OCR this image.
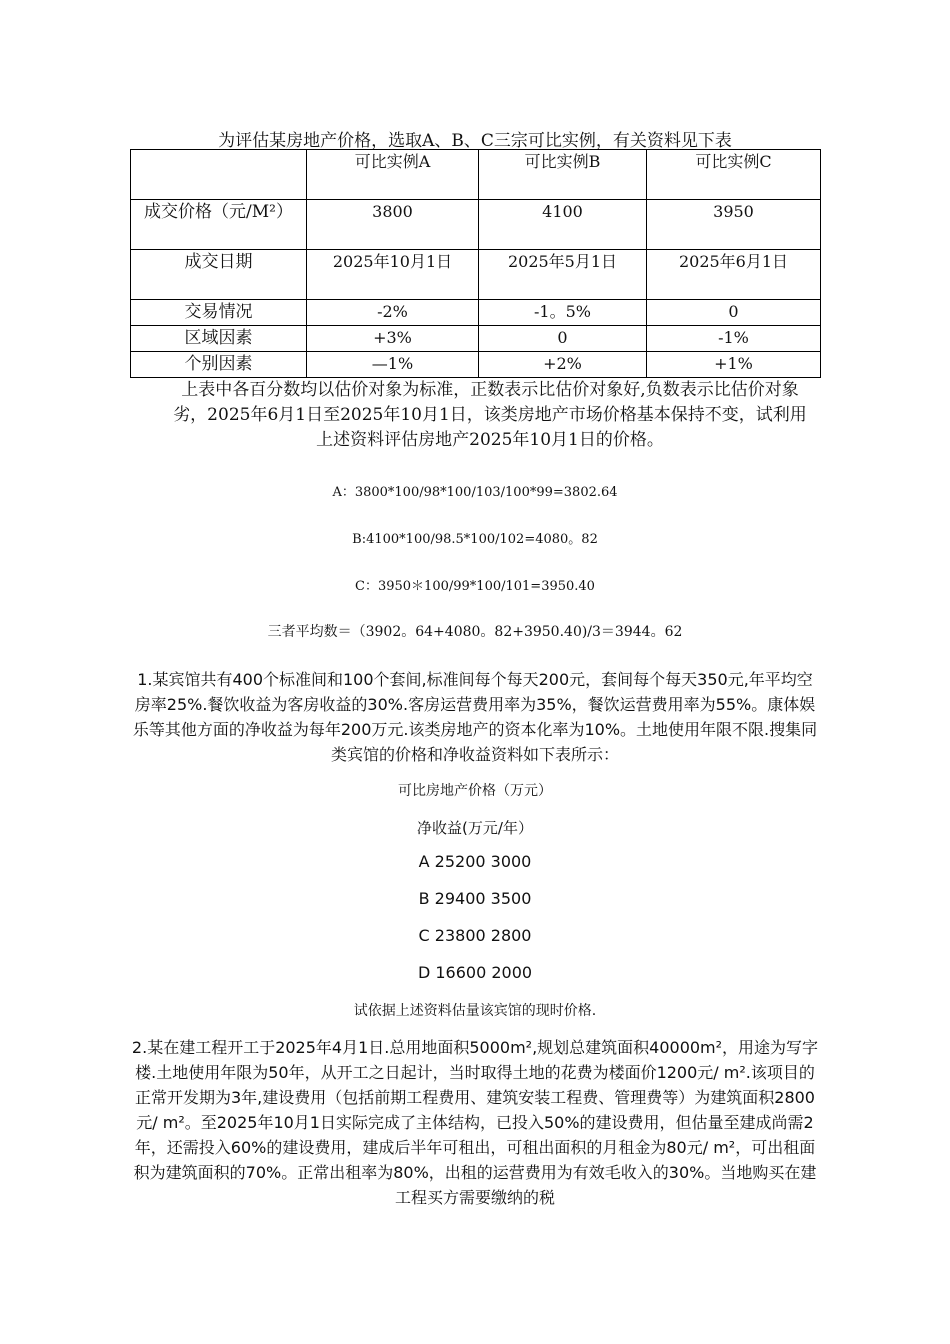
为评估某房地产价格，选取A、B、C三宗可比实例，有关资料见下表
	可比实例A	可比实例B	可比实例C
成交价格（元/M²）	3800	4100	3950
成交日期	2025年10月1日	2025年5月1日	2025年6月1日
交易情况	-2%	-1。5%	0
区域因素	+3%	0	-1%
个别因素	—1%	+2%	+1%
上表中各百分数均以估价对象为标准，正数表示比估价对象好,负数表示比估价对象劣，2025年6月1日至2025年10月1日，该类房地产市场价格基本保持不变，试利用上述资料评估房地产2025年10月1日的价格。
A：3800*100/98*100/103/100*99=3802.64
B:4100*100/98.5*100/102=4080。82
C：3950＊100/99*100/101=3950.40
三者平均数＝（3902。64+4080。82+3950.40)/3＝3944。62
1.某宾馆共有400个标准间和100个套间,标准间每个每天200元，套间每个每天350元,年平均空房率25%.餐饮收益为客房收益的30%.客房运营费用率为35%，餐饮运营费用率为55%。康体娱乐等其他方面的净收益为每年200万元.该类房地产的资本化率为10%。土地使用年限不限.搜集同类宾馆的价格和净收益资料如下表所示：
可比房地产价格（万元）
净收益(万元/年）
A 25200 3000
B 29400 3500
C 23800 2800
D 16600 2000
试依据上述资料估量该宾馆的现时价格.
2.某在建工程开工于2025年4月1日.总用地面积5000m²,规划总建筑面积40000m²，用途为写字楼.土地使用年限为50年，从开工之日起计，当时取得土地的花费为楼面价1200元/ m².该项目的正常开发期为3年,建设费用（包括前期工程费用、建筑安装工程费、管理费等）为建筑面积2800元/ m²。至2025年10月1日实际完成了主体结构，已投入50%的建设费用，但估量至建成尚需2年，还需投入60%的建设费用，建成后半年可租出，可租出面积的月租金为80元/ m²，可出租面积为建筑面积的70%。正常出租率为80%，出租的运营费用为有效毛收入的30%。当地购买在建工程买方需要缴纳的税
